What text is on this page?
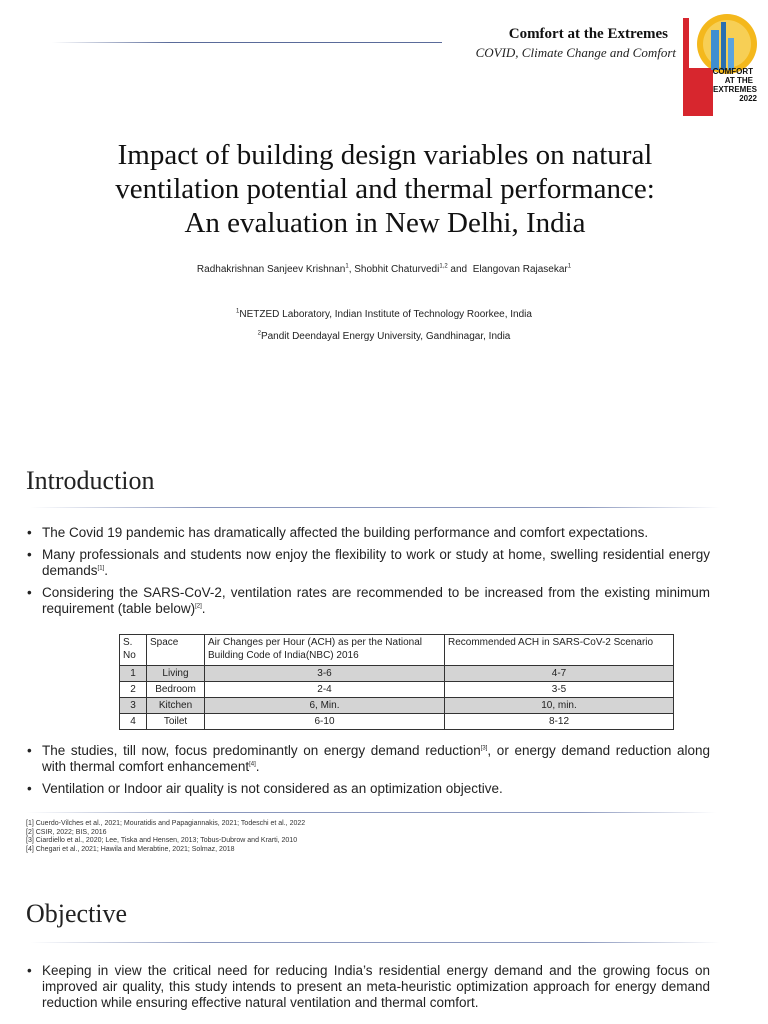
Comfort at the Extremes
COVID, Climate Change and Comfort
COMFORT
AT THE
EXTREMES
2022
Impact of building design variables on natural
ventilation potential and thermal performance:
An evaluation in New Delhi, India
Radhakrishnan Sanjeev Krishnan$^1$, Shobhit Chaturvedi$^{1,2}$ and  Elangovan Rajasekar$^1$
$^1$NETZED Laboratory, Indian Institute of Technology Roorkee, India
$^2$Pandit Deendayal Energy University, Gandhinagar, India
Introduction
• The Covid 19 pandemic has dramatically affected the building performance and comfort expectations.
• Many professionals and students now enjoy the flexibility to work or study at home, swelling residential energy demands[1].
• Considering the SARS-CoV-2, ventilation rates are recommended to be increased from the existing minimum requirement (table below)[2].
S. No	Space	Air Changes per Hour (ACH) as per the National Building Code of India(NBC) 2016	Recommended ACH in SARS-CoV-2 Scenario
1	Living	3-6	4-7
2	Bedroom	2-4	3-5
3	Kitchen	6, Min.	10, min.
4	Toilet	6-10	8-12
• The studies, till now, focus predominantly on energy demand reduction[3], or energy demand reduction along with thermal comfort enhancement[4].
• Ventilation or Indoor air quality is not considered as an optimization objective.
[1] Cuerdo-Vilches et al., 2021; Mouratidis and Papagiannakis, 2021; Todeschi et al., 2022
[2] CSIR, 2022; BIS, 2016
[3] Ciardiello et al., 2020; Lee, Tiska and Hensen, 2013; Tobus-Dubrow and Krarti, 2010
[4] Chegari et al., 2021; Hawila and Merabtine, 2021; Solmaz, 2018
Objective
• Keeping in view the critical need for reducing India’s residential energy demand and the growing focus on improved air quality, this study intends to present an meta-heuristic optimization approach for energy demand reduction while ensuring effective natural ventilation and thermal comfort.
